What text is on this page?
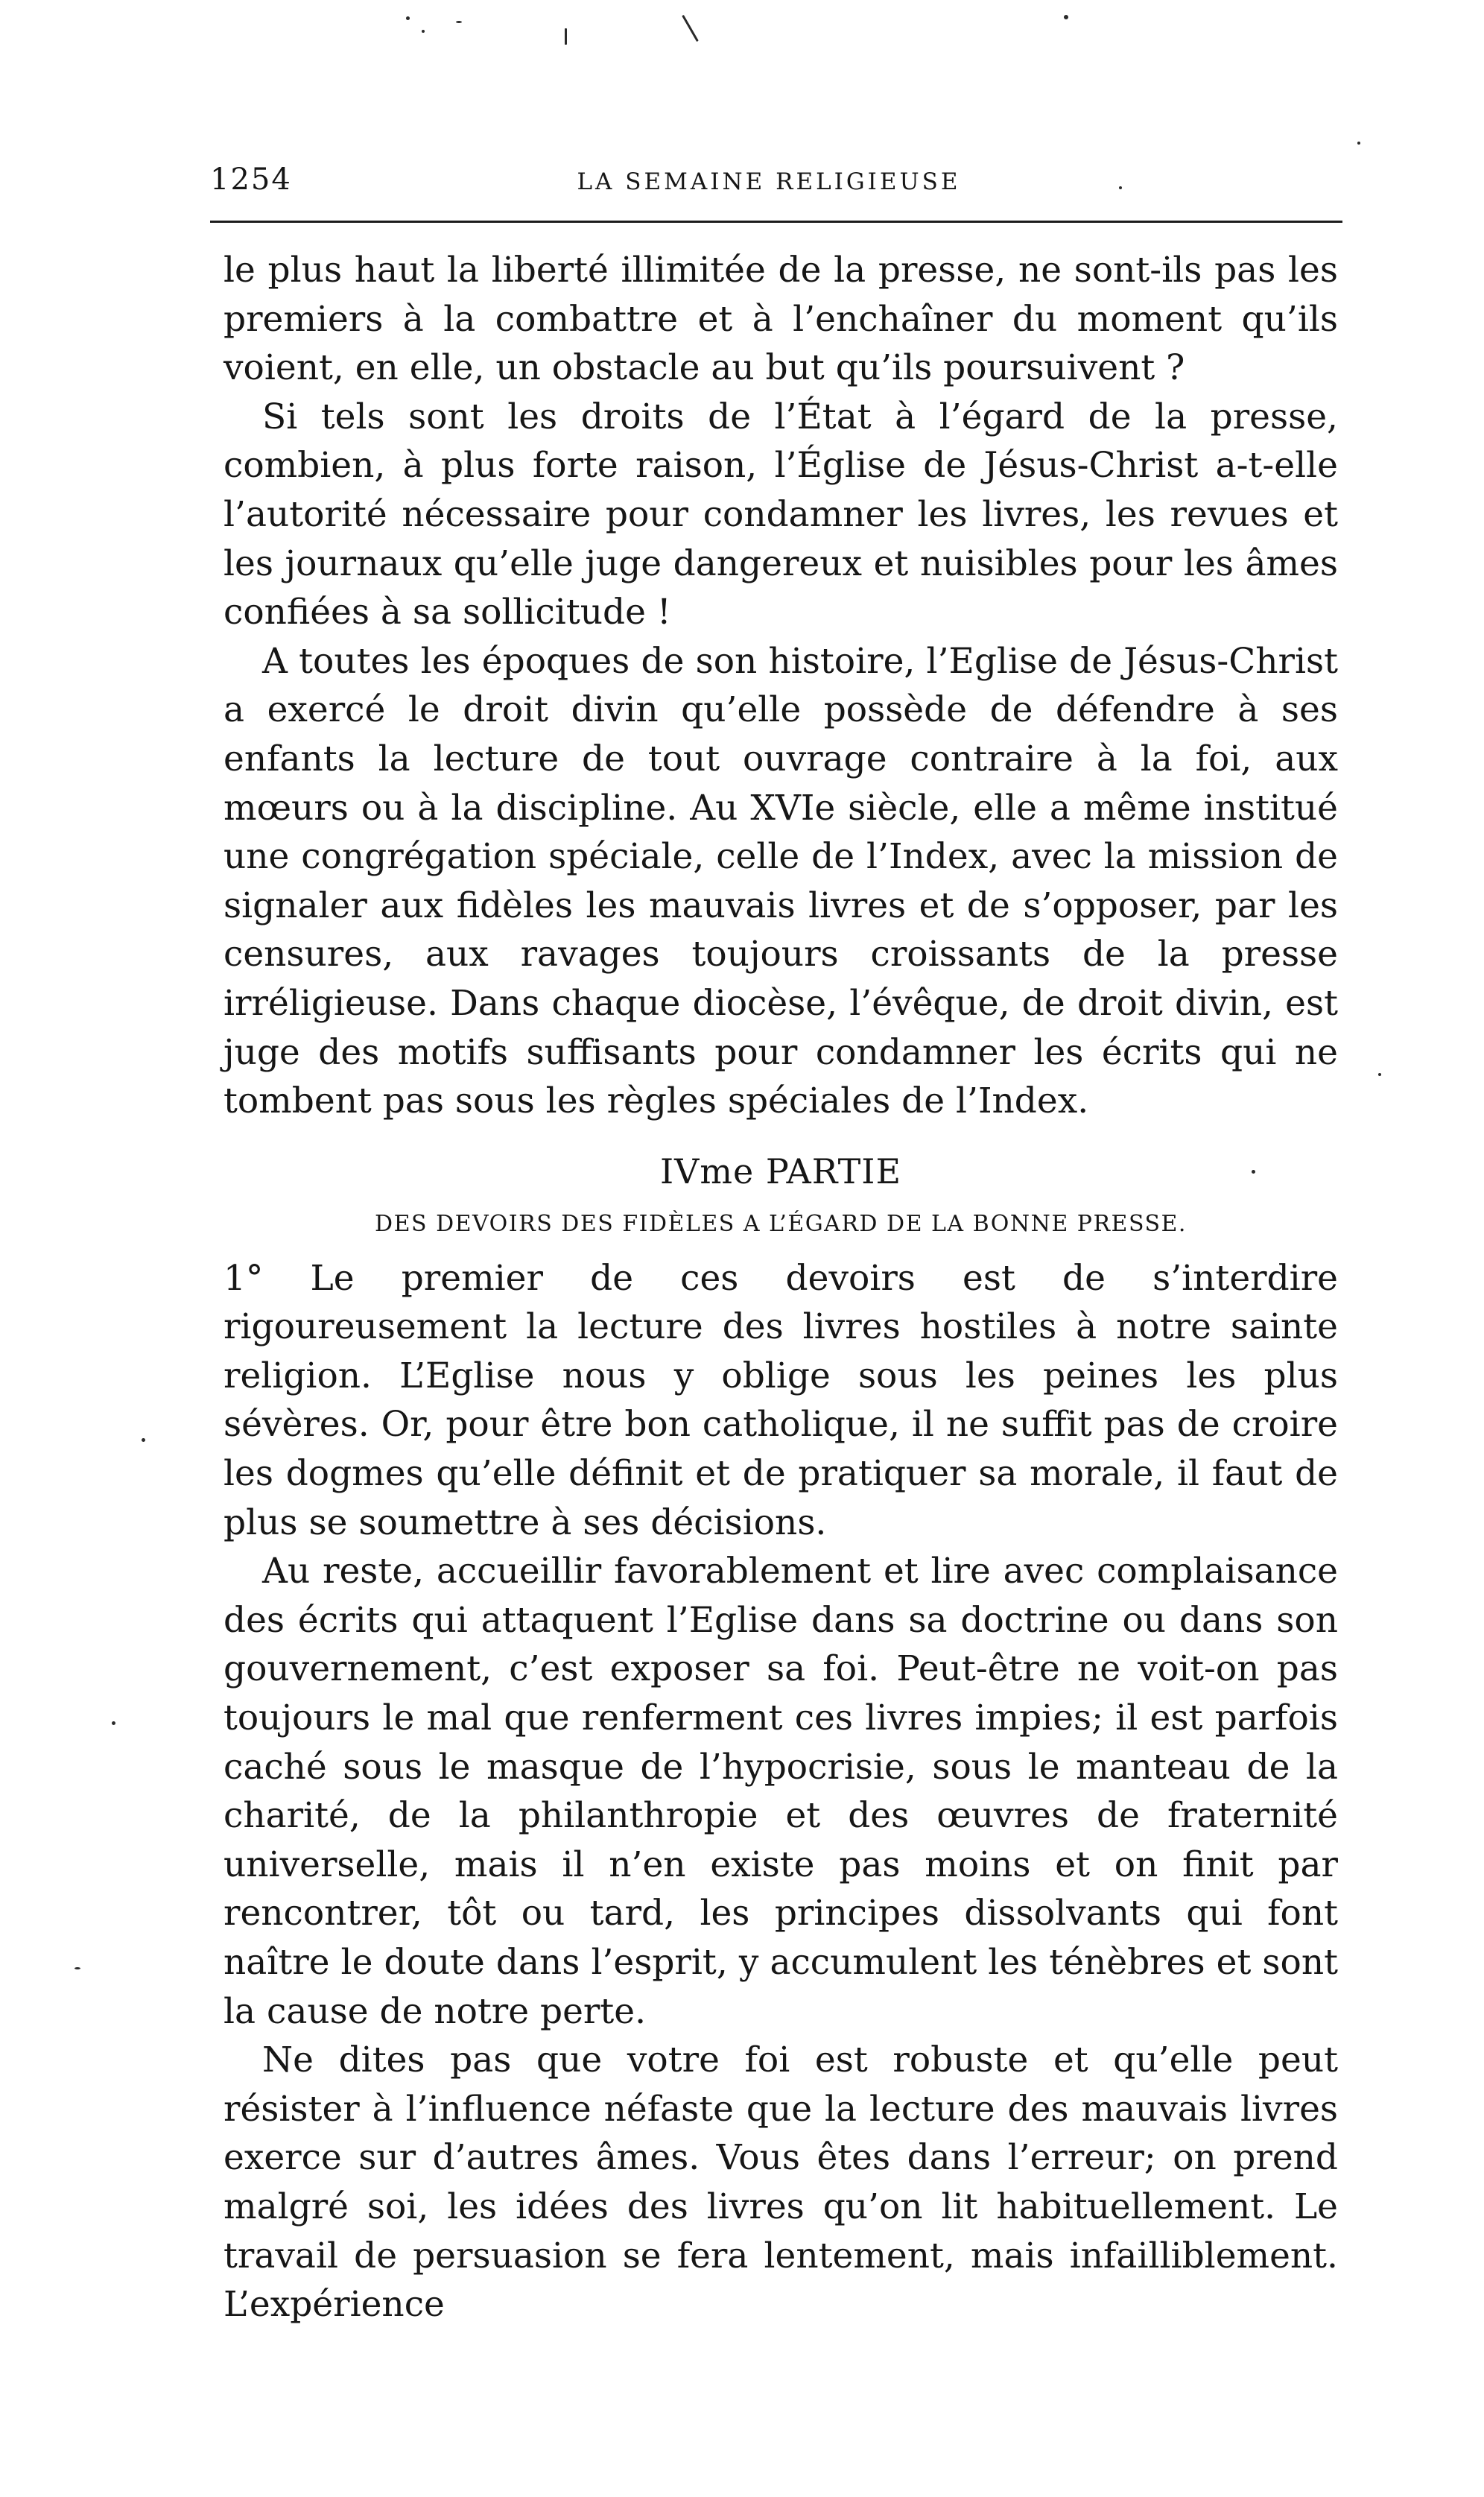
1254	LA SEMAINE RELIGIEUSE

le plus haut la liberté illimitée de la presse, ne sont-ils pas les premiers à la combattre et à l’enchaîner du moment qu’ils voient, en elle, un obstacle au but qu’ils poursuivent ?

Si tels sont les droits de l’État à l’égard de la presse, combien, à plus forte raison, l’Église de Jésus-Christ a-t-elle l’autorité nécessaire pour condamner les livres, les revues et les journaux qu’elle juge dangereux et nuisibles pour les âmes confiées à sa sollicitude !

A toutes les époques de son histoire, l’Eglise de Jésus-Christ a exercé le droit divin qu’elle possède de défendre à ses enfants la lecture de tout ouvrage contraire à la foi, aux mœurs ou à la discipline. Au XVIe siècle, elle a même institué une congrégation spéciale, celle de l’Index, avec la mission de signaler aux fidèles les mauvais livres et de s’opposer, par les censures, aux ravages toujours croissants de la presse irréligieuse. Dans chaque diocèse, l’évêque, de droit divin, est juge des motifs suffisants pour condamner les écrits qui ne tombent pas sous les règles spéciales de l’Index.

IVme PARTIE
DES DEVOIRS DES FIDÈLES A L’ÉGARD DE LA BONNE PRESSE.

1° Le premier de ces devoirs est de s’interdire rigoureusement la lecture des livres hostiles à notre sainte religion. L’Eglise nous y oblige sous les peines les plus sévères. Or, pour être bon catholique, il ne suffit pas de croire les dogmes qu’elle définit et de pratiquer sa morale, il faut de plus se soumettre à ses décisions.

Au reste, accueillir favorablement et lire avec complaisance des écrits qui attaquent l’Eglise dans sa doctrine ou dans son gouvernement, c’est exposer sa foi. Peut-être ne voit-on pas toujours le mal que renferment ces livres impies; il est parfois caché sous le masque de l’hypocrisie, sous le manteau de la charité, de la philanthropie et des œuvres de fraternité universelle, mais il n’en existe pas moins et on finit par rencontrer, tôt ou tard, les principes dissolvants qui font naître le doute dans l’esprit, y accumulent les ténèbres et sont la cause de notre perte.

Ne dites pas que votre foi est robuste et qu’elle peut résister à l’influence néfaste que la lecture des mauvais livres exerce sur d’autres âmes. Vous êtes dans l’erreur; on prend malgré soi, les idées des livres qu’on lit habituellement. Le travail de persuasion se fera lentement, mais infailliblement. L’expérience
